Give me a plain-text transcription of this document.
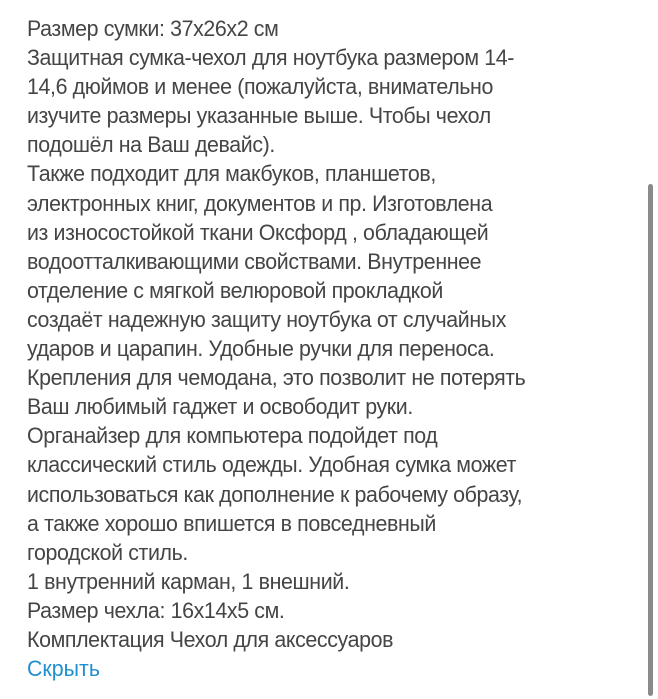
Размер сумки: 37x26x2 см
Защитная сумка-чехол для ноутбука размером 14-
14,6 дюймов и менее (пожалуйста, внимательно
изучите размеры указанные выше. Чтобы чехол
подошёл на Ваш девайс).
Также подходит для макбуков, планшетов,
электронных книг, документов и пр. Изготовлена
из износостойкой ткани Оксфорд , обладающей
водоотталкивающими свойствами. Внутреннее
отделение с мягкой велюровой прокладкой
создаёт надежную защиту ноутбука от случайных
ударов и царапин. Удобные ручки для переноса.
Крепления для чемодана, это позволит не потерять
Ваш любимый гаджет и освободит руки.
Органайзер для компьютера подойдет под
классический стиль одежды. Удобная сумка может
использоваться как дополнение к рабочему образу,
а также хорошо впишется в повседневный
городской стиль.
1 внутренний карман, 1 внешний.
Размер чехла: 16x14x5 см.
Комплектация Чехол для аксессуаров
Скрыть
